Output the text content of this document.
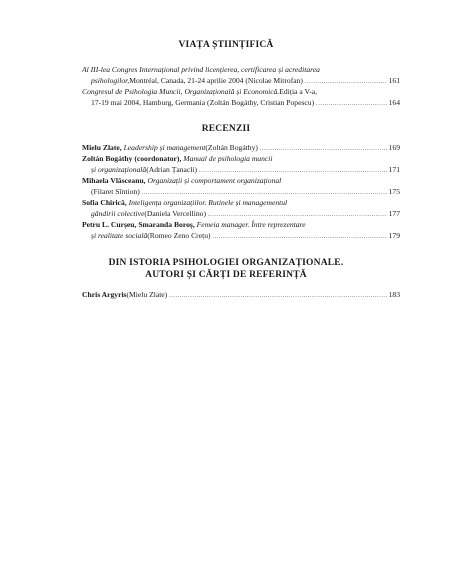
VIAȚA ȘTIINȚIFICĂ
Al III-lea Congres Internațional privind licențierea, certificarea și acreditarea
psihologilor, Montréal, Canada, 21-24 aprilie 2004 (Nicolae Mitrofan) .....	161
Congresul de Psihologia Muncii, Organizațională și Economică. Ediția a V-a,
17-19 mai 2004, Hamburg, Germania (Zoltán Bogáthy, Cristian Popescu) .....	164
RECENZII
Mielu Zlate,
Leadership și management (Zoltán Bogáthy) .....	169
Zoltán Bogáthy (coordonator),
Manual de psihologia muncii
și organizațională (Adrian Țanacli) .....	171
Mihaela Vlăsceanu,
Organizații și comportament organizațional
(Filaret Sîntion) .....	175
Sofia Chirică,
Inteligența organizațiilor. Rutinele și managementul
gândirii colective (Daniela Vercellino) .....	177
Petru L. Curșeu, Smaranda Boroș,
Femeia manager. Între reprezentare
și realitate socială (Romeo Zeno Crețu) .....	179
DIN ISTORIA PSIHOLOGIEI ORGANIZAȚIONALE.
AUTORI ȘI CĂRȚI DE REFERINȚĂ
Chris Argyris (Mielu Zlate) .....	183
